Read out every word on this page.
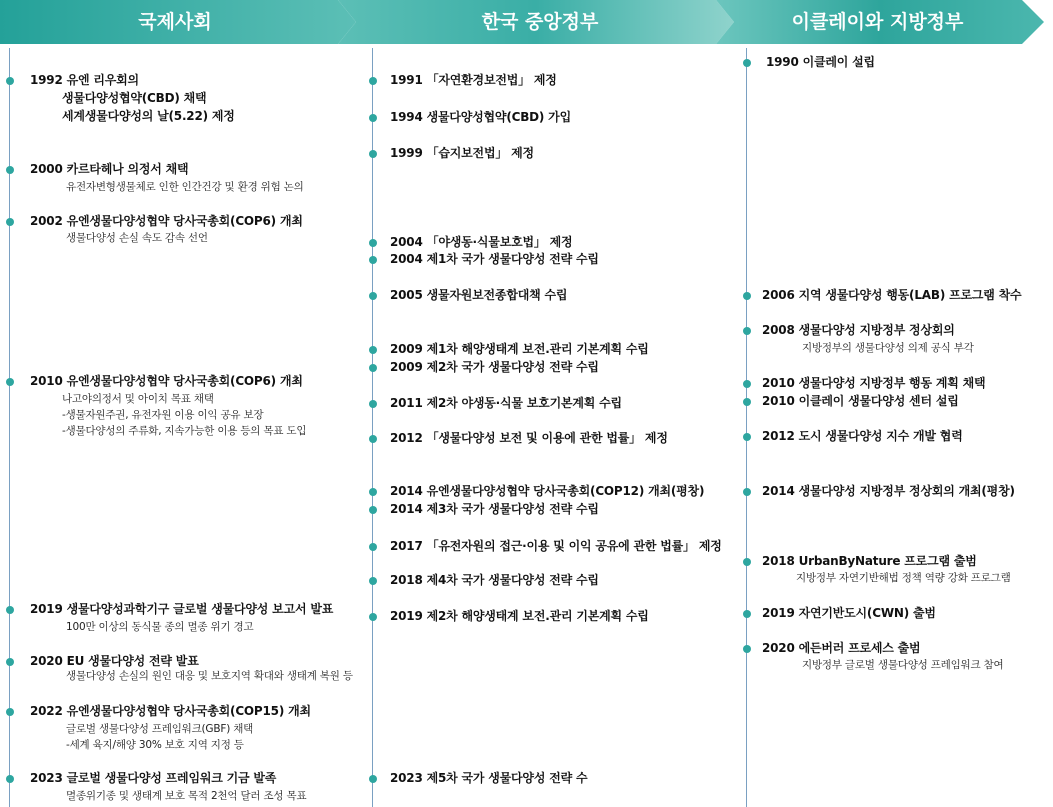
국제사회	한국 중앙정부	이클레이와 지방정부
1992 유엔 리우회의
생물다양성협약(CBD) 채택
세계생물다양성의 날(5.22) 제정
2000 카르타헤나 의정서 채택
유전자변형생물체로 인한 인간건강 및 환경 위험 논의
2002 유엔생물다양성협약 당사국총회(COP6) 개최
생물다양성 손실 속도 감속 선언
2010 유엔생물다양성협약 당사국총회(COP6) 개최
나고야의정서 및 아이치 목표 채택
-생물자원주권, 유전자원 이용 이익 공유 보장
-생물다양성의 주류화, 지속가능한 이용 등의 목표 도입
2019 생물다양성과학기구 글로벌 생물다양성 보고서 발표
100만 이상의 동식물 종의 멸종 위기 경고
2020 EU 생물다양성 전략 발표
생물다양성 손실의 원인 대응 및 보호지역 확대와 생태계 복원 등
2022 유엔생물다양성협약 당사국총회(COP15) 개최
글로벌 생물다양성 프레임워크(GBF) 채택
-세계 육지/해양 30% 보호 지역 지정 등
2023 글로벌 생물다양성 프레임워크 기금 발족
멸종위기종 및 생태계 보호 목적 2천억 달러 조성 목표
1991 「자연환경보전법」 제정
1994 생물다양성협약(CBD) 가입
1999 「습지보전법」 제정
2004 「야생동·식물보호법」 제정
2004 제1차 국가 생물다양성 전략 수립
2005 생물자원보전종합대책 수립
2009 제1차 해양생태계 보전.관리 기본계획 수립
2009 제2차 국가 생물다양성 전략 수립
2011 제2차 야생동·식물 보호기본계획 수립
2012 「생물다양성 보전 및 이용에 관한 법률」 제정
2014 유엔생물다양성협약 당사국총회(COP12) 개최(평창)
2014 제3차 국가 생물다양성 전략 수립
2017 「유전자원의 접근·이용 및 이익 공유에 관한 법률」 제정
2018 제4차 국가 생물다양성 전략 수립
2019 제2차 해양생태계 보전.관리 기본계획 수립
2023 제5차 국가 생물다양성 전략 수
1990 이클레이 설립
2006 지역 생물다양성 행동(LAB) 프로그램 착수
2008 생물다양성 지방정부 정상회의
지방정부의 생물다양성 의제 공식 부각
2010 생물다양성 지방정부 행동 계획 채택
2010 이클레이 생물다양성 센터 설립
2012 도시 생물다양성 지수 개발 협력
2014 생물다양성 지방정부 정상회의 개최(평창)
2018 UrbanByNature 프로그램 출범
지방정부 자연기반해법 정책 역량 강화 프로그램
2019 자연기반도시(CWN) 출범
2020 에든버러 프로세스 출범
지방정부 글로벌 생물다양성 프레임워크 참여
